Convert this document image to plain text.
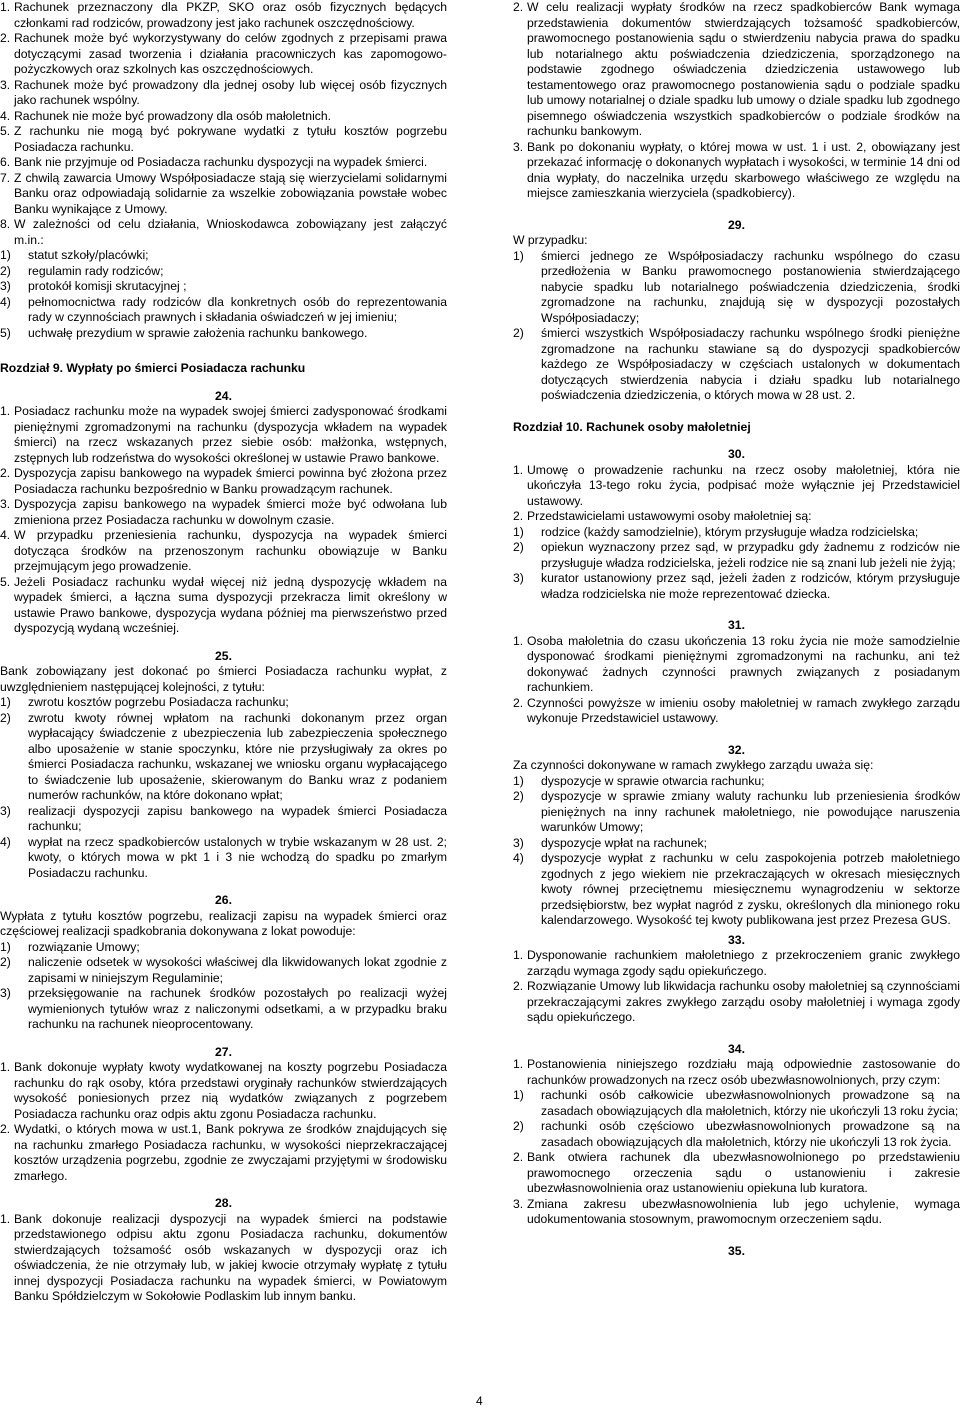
1. Rachunek przeznaczony dla PKZP, SKO oraz osób fizycznych będących członkami rad rodziców, prowadzony jest jako rachunek oszczędnościowy.
2. Rachunek może być wykorzystywany do celów zgodnych z przepisami prawa dotyczącymi zasad tworzenia i działania pracowniczych kas zapomogowo-pożyczkowych oraz szkolnych kas oszczędnościowych.
3. Rachunek może być prowadzony dla jednej osoby lub więcej osób fizycznych jako rachunek wspólny.
4. Rachunek nie może być prowadzony dla osób małoletnich.
5. Z rachunku nie mogą być pokrywane wydatki z tytułu kosztów pogrzebu Posiadacza rachunku.
6. Bank nie przyjmuje od Posiadacza rachunku dyspozycji na wypadek śmierci.
7. Z chwilą zawarcia Umowy Współposiadacze stają się wierzycielami solidarnymi Banku oraz odpowiadają solidarnie za wszelkie zobowiązania powstałe wobec Banku wynikające z Umowy.
8. W zależności od celu działania, Wnioskodawca zobowiązany jest załączyć m.in.:
1) statut szkoły/placówki;
2) regulamin rady rodziców;
3) protokół komisji skrutacyjnej ;
4) pełnomocnictwa rady rodziców dla konkretnych osób do reprezentowania rady w czynnościach prawnych i składania oświadczeń w jej imieniu;
5) uchwałę prezydium w sprawie założenia rachunku bankowego.
Rozdział 9. Wypłaty po śmierci Posiadacza rachunku
24.
1. Posiadacz rachunku może na wypadek swojej śmierci zadysponować środkami pieniężnymi zgromadzonymi na rachunku (dyspozycja wkładem na wypadek śmierci) na rzecz wskazanych przez siebie osób: małżonka, wstępnych, zstępnych lub rodzeństwa do wysokości określonej w ustawie Prawo bankowe.
2. Dyspozycja zapisu bankowego na wypadek śmierci powinna być złożona przez Posiadacza rachunku bezpośrednio w Banku prowadzącym rachunek.
3. Dyspozycja zapisu bankowego na wypadek śmierci może być odwołana lub zmieniona przez Posiadacza rachunku w dowolnym czasie.
4. W przypadku przeniesienia rachunku, dyspozycja na wypadek śmierci dotycząca środków na przenoszonym rachunku obowiązuje w Banku przejmującym jego prowadzenie.
5. Jeżeli Posiadacz rachunku wydał więcej niż jedną dyspozycję wkładem na wypadek śmierci, a łączna suma dyspozycji przekracza limit określony w ustawie Prawo bankowe, dyspozycja wydana później ma pierwszeństwo przed dyspozycją wydaną wcześniej.
25.
Bank zobowiązany jest dokonać po śmierci Posiadacza rachunku wypłat, z uwzględnieniem następującej kolejności, z tytułu:
1) zwrotu kosztów pogrzebu Posiadacza rachunku;
2) zwrotu kwoty równej wpłatom na rachunki dokonanym przez organ wypłacający świadczenie z ubezpieczenia lub zabezpieczenia społecznego albo uposażenie w stanie spoczynku, które nie przysługiwały za okres po śmierci Posiadacza rachunku, wskazanej we wniosku organu wypłacającego to świadczenie lub uposażenie, skierowanym do Banku wraz z podaniem numerów rachunków, na które dokonano wpłat;
3) realizacji dyspozycji zapisu bankowego na wypadek śmierci Posiadacza rachunku;
4) wypłat na rzecz spadkobierców ustalonych w trybie wskazanym w 28 ust. 2; kwoty, o których mowa w pkt 1 i 3 nie wchodzą do spadku po zmarłym Posiadaczu rachunku.
26.
Wypłata z tytułu kosztów pogrzebu, realizacji zapisu na wypadek śmierci oraz częściowej realizacji spadkobrania dokonywana z lokat powoduje:
1) rozwiązanie Umowy;
2) naliczenie odsetek w wysokości właściwej dla likwidowanych lokat zgodnie z zapisami w niniejszym Regulaminie;
3) przeksięgowanie na rachunek środków pozostałych po realizacji wyżej wymienionych tytułów wraz z naliczonymi odsetkami, a w przypadku braku rachunku na rachunek nieoprocentowany.
27.
1. Bank dokonuje wypłaty kwoty wydatkowanej na koszty pogrzebu Posiadacza rachunku do rąk osoby, która przedstawi oryginały rachunków stwierdzających wysokość poniesionych przez nią wydatków związanych z pogrzebem Posiadacza rachunku oraz odpis aktu zgonu Posiadacza rachunku.
2. Wydatki, o których mowa w ust.1, Bank pokrywa ze środków znajdujących się na rachunku zmarłego Posiadacza rachunku, w wysokości nieprzekraczającej kosztów urządzenia pogrzebu, zgodnie ze zwyczajami przyjętymi w środowisku zmarłego.
28.
1. Bank dokonuje realizacji dyspozycji na wypadek śmierci na podstawie przedstawionego odpisu aktu zgonu Posiadacza rachunku, dokumentów stwierdzających tożsamość osób wskazanych w dyspozycji oraz ich oświadczenia, że nie otrzymały lub, w jakiej kwocie otrzymały wypłatę z tytułu innej dyspozycji Posiadacza rachunku na wypadek śmierci, w Powiatowym Banku Spółdzielczym w Sokołowie Podlaskim lub innym banku.
2. W celu realizacji wypłaty środków na rzecz spadkobierców Bank wymaga przedstawienia dokumentów stwierdzających tożsamość spadkobierców, prawomocnego postanowienia sądu o stwierdzeniu nabycia prawa do spadku lub notarialnego aktu poświadczenia dziedziczenia, sporządzonego na podstawie zgodnego oświadczenia dziedziczenia ustawowego lub testamentowego oraz prawomocnego postanowienia sądu o podziale spadku lub umowy notarialnej o dziale spadku lub umowy o dziale spadku lub zgodnego pisemnego oświadczenia wszystkich spadkobierców o podziale środków na rachunku bankowym.
3. Bank po dokonaniu wypłaty, o której mowa w ust. 1 i ust. 2, obowiązany jest przekazać informację o dokonanych wypłatach i wysokości, w terminie 14 dni od dnia wypłaty, do naczelnika urzędu skarbowego właściwego ze względu na miejsce zamieszkania wierzyciela (spadkobiercy).
29.
W przypadku:
1) śmierci jednego ze Współposiadaczy rachunku wspólnego do czasu przedłożenia w Banku prawomocnego postanowienia stwierdzającego nabycie spadku lub notarialnego poświadczenia dziedziczenia, środki zgromadzone na rachunku, znajdują się w dyspozycji pozostałych Współposiadaczy;
2) śmierci wszystkich Współposiadaczy rachunku wspólnego środki pieniężne zgromadzone na rachunku stawiane są do dyspozycji spadkobierców każdego ze Współposiadaczy w częściach ustalonych w dokumentach dotyczących stwierdzenia nabycia i działu spadku lub notarialnego poświadczenia dziedziczenia, o których mowa w 28 ust. 2.
Rozdział 10. Rachunek osoby małoletniej
30.
1. Umowę o prowadzenie rachunku na rzecz osoby małoletniej, która nie ukończyła 13-tego roku życia, podpisać może wyłącznie jej Przedstawiciel ustawowy.
2. Przedstawicielami ustawowymi osoby małoletniej są:
1) rodzice (każdy samodzielnie), którym przysługuje władza rodzicielska;
2) opiekun wyznaczony przez sąd, w przypadku gdy żadnemu z rodziców nie przysługuje władza rodzicielska, jeżeli rodzice nie są znani lub jeżeli nie żyją;
3) kurator ustanowiony przez sąd, jeżeli żaden z rodziców, którym przysługuje władza rodzicielska nie może reprezentować dziecka.
31.
1. Osoba małoletnia do czasu ukończenia 13 roku życia nie może samodzielnie dysponować środkami pieniężnymi zgromadzonymi na rachunku, ani też dokonywać żadnych czynności prawnych związanych z posiadanym rachunkiem.
2. Czynności powyższe w imieniu osoby małoletniej w ramach zwykłego zarządu wykonuje Przedstawiciel ustawowy.
32.
Za czynności dokonywane w ramach zwykłego zarządu uważa się:
1) dyspozycje w sprawie otwarcia rachunku;
2) dyspozycje w sprawie zmiany waluty rachunku lub przeniesienia środków pieniężnych na inny rachunek małoletniego, nie powodujące naruszenia warunków Umowy;
3) dyspozycje wpłat na rachunek;
4) dyspozycje wypłat z rachunku w celu zaspokojenia potrzeb małoletniego zgodnych z jego wiekiem nie przekraczających w okresach miesięcznych kwoty równej przeciętnemu miesięcznemu wynagrodzeniu w sektorze przedsiębiorstw, bez wypłat nagród z zysku, określonych dla minionego roku kalendarzowego. Wysokość tej kwoty publikowana jest przez Prezesa GUS.
33.
1. Dysponowanie rachunkiem małoletniego z przekroczeniem granic zwykłego zarządu wymaga zgody sądu opiekuńczego.
2. Rozwiązanie Umowy lub likwidacja rachunku osoby małoletniej są czynnościami przekraczającymi zakres zwykłego zarządu osoby małoletniej i wymaga zgody sądu opiekuńczego.
34.
1. Postanowienia niniejszego rozdziału mają odpowiednie zastosowanie do rachunków prowadzonych na rzecz osób ubezwłasnowolnionych, przy czym:
1) rachunki osób całkowicie ubezwłasnowolnionych prowadzone są na zasadach obowiązujących dla małoletnich, którzy nie ukończyli 13 roku życia;
2) rachunki osób częściowo ubezwłasnowolnionych prowadzone są na zasadach obowiązujących dla małoletnich, którzy nie ukończyli 13 rok życia.
2. Bank otwiera rachunek dla ubezwłasnowolnionego po przedstawieniu prawomocnego orzeczenia sądu o ustanowieniu i zakresie ubezwłasnowolnienia oraz ustanowieniu opiekuna lub kuratora.
3. Zmiana zakresu ubezwłasnowolnienia lub jego uchylenie, wymaga udokumentowania stosownym, prawomocnym orzeczeniem sądu.
35.
4
